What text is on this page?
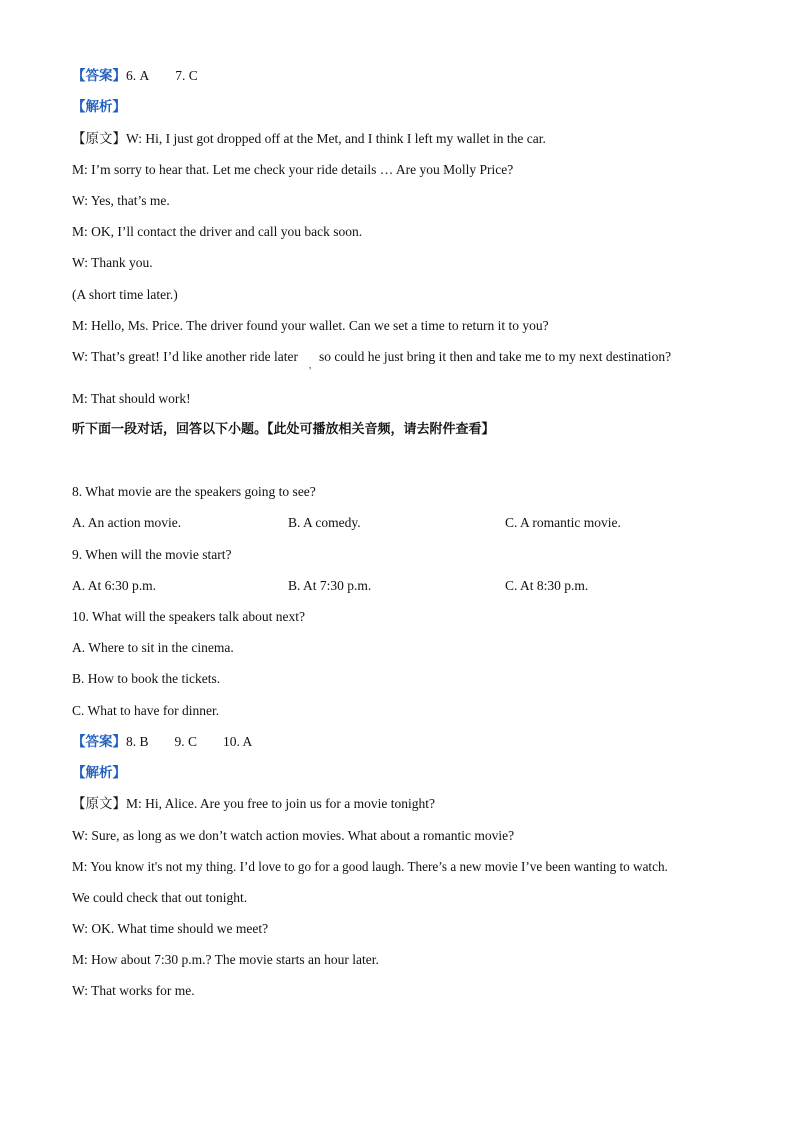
【答案】6. A 7. C
【解析】
【原文】W: Hi, I just got dropped off at the Met, and I think I left my wallet in the car.
M: I’m sorry to hear that. Let me check your ride details … Are you Molly Price?
W: Yes, that’s me.
M: OK, I’ll contact the driver and call you back soon.
W: Thank you.
(A short time later.)
M: Hello, Ms. Price. The driver found your wallet. Can we set a time to return it to you?
W: That’s great! I’d like another ride later
,
so could he just bring it then and take me to my next destination?
M: That should work!
听下面一段对话，回答以下小题。【此处可播放相关音频，请去附件查看】
8. What movie are the speakers going to see?
A. An action movie.	B. A comedy.	C. A romantic movie.
9. When will the movie start?
A. At 6:30 p.m.	B. At 7:30 p.m.	C. At 8:30 p.m.
10. What will the speakers talk about next?
A. Where to sit in the cinema.
B. How to book the tickets.
C. What to have for dinner.
【答案】8. B 9. C 10. A
【解析】
【原文】M: Hi, Alice. Are you free to join us for a movie tonight?
W: Sure, as long as we don’t watch action movies. What about a romantic movie?
M: You know it's not my thing. I’d love to go for a good laugh. There’s a new movie I’ve been wanting to watch.
We could check that out tonight.
W: OK. What time should we meet?
M: How about 7:30 p.m.? The movie starts an hour later.
W: That works for me.
